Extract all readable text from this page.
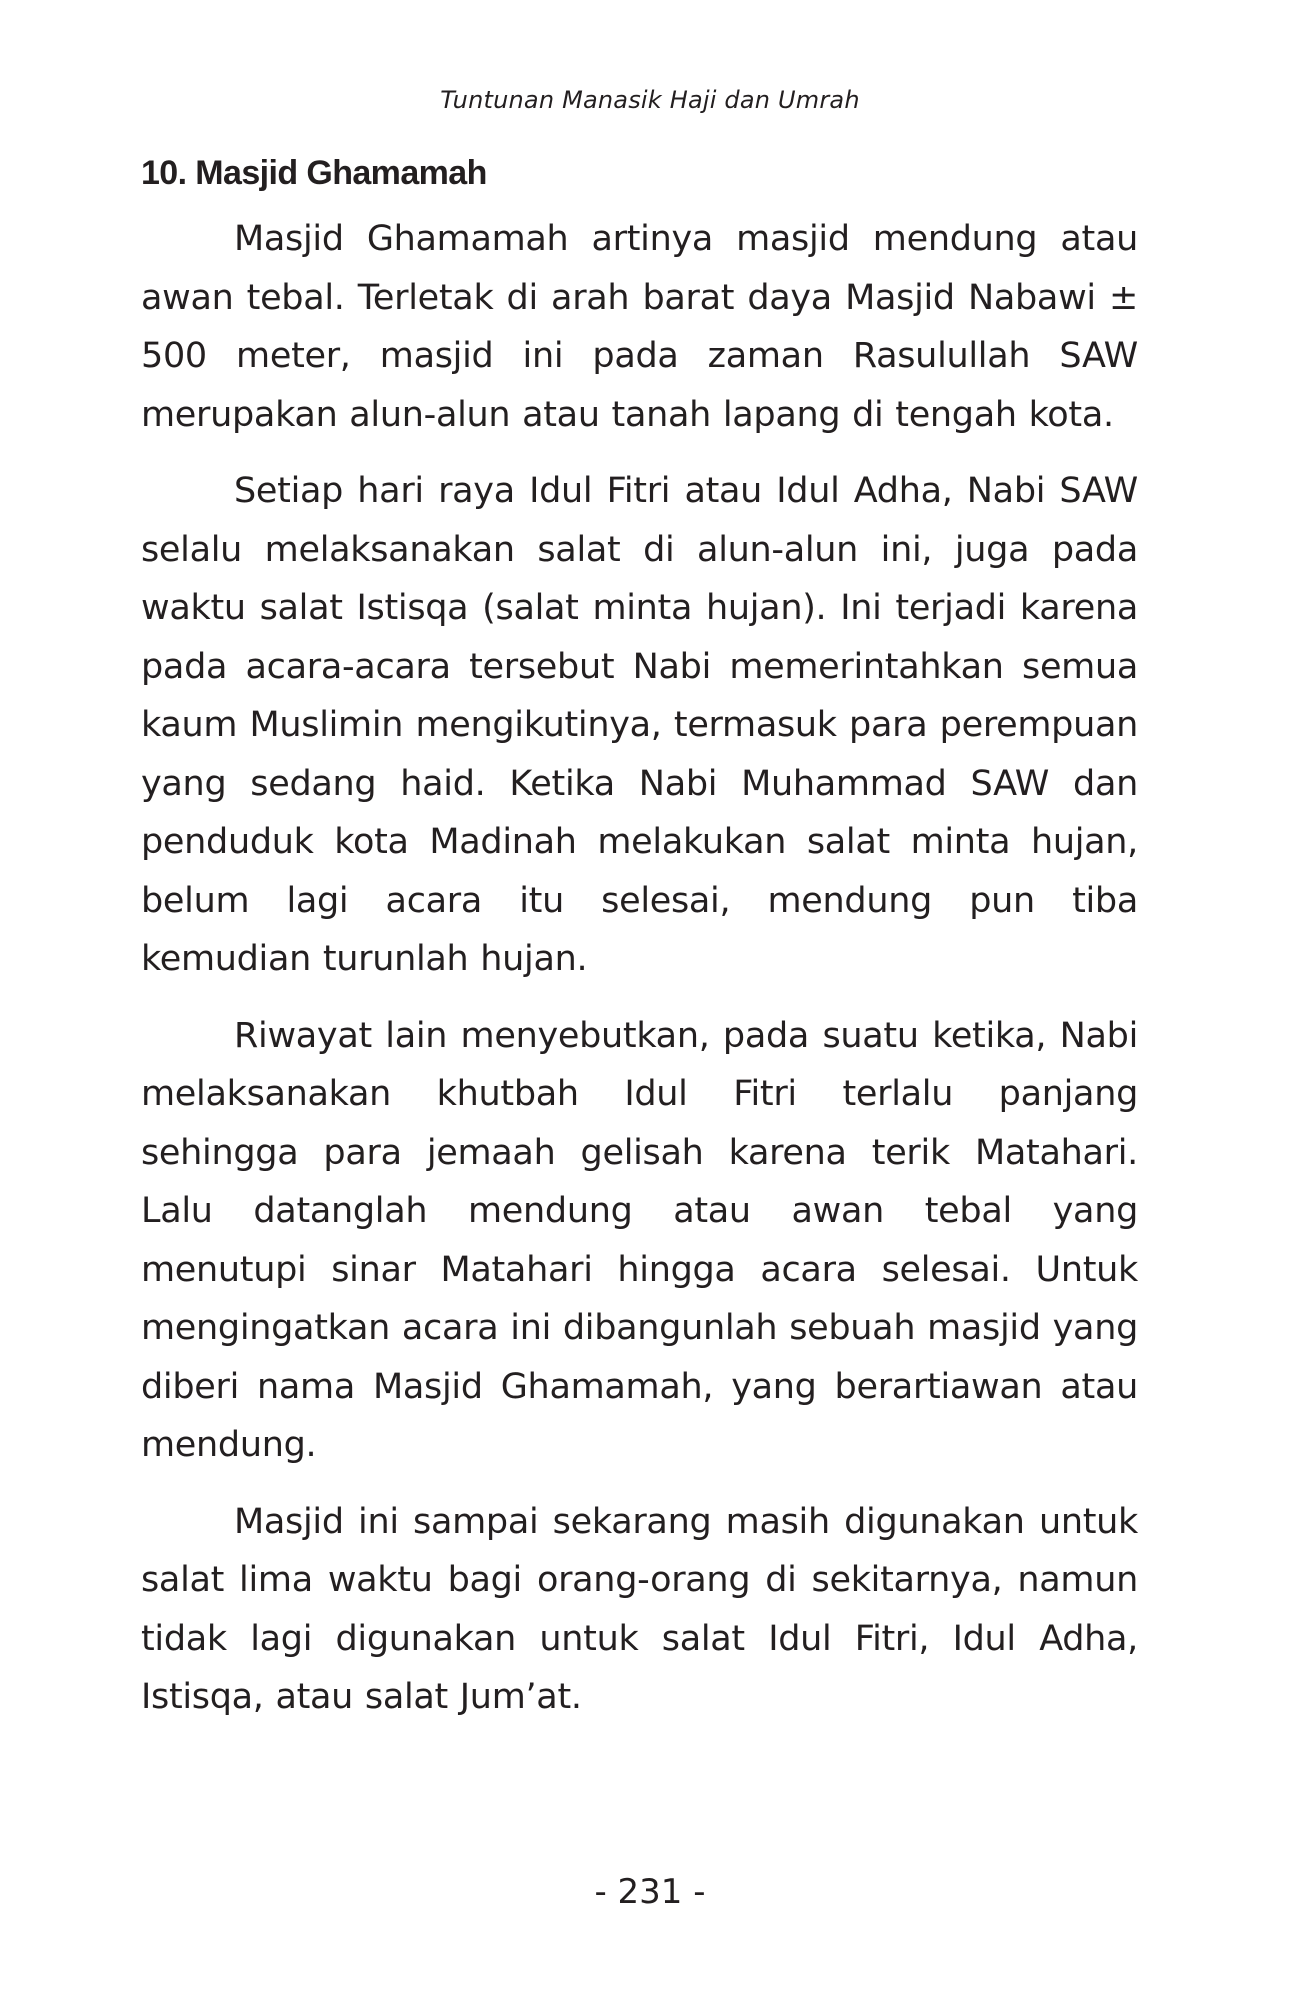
Tuntunan Manasik Haji dan Umrah
10. Masjid Ghamamah

Masjid Ghamamah artinya masjid mendung atau awan tebal. Terletak di arah barat daya Masjid Nabawi ± 500 meter, masjid ini pada zaman Rasulullah SAW merupakan alun-alun atau tanah lapang di tengah kota.

Setiap hari raya Idul Fitri atau Idul Adha, Nabi SAW selalu melaksanakan salat di alun-alun ini, juga pada waktu salat Istisqa (salat minta hujan). Ini terjadi karena pada acara-acara tersebut Nabi memerintahkan semua kaum Muslimin mengikutinya, termasuk para perempuan yang sedang haid. Ketika Nabi Muhammad SAW dan penduduk kota Madinah melakukan salat minta hujan, belum lagi acara itu selesai, mendung pun tiba kemudian turunlah hujan.

Riwayat lain menyebutkan, pada suatu ketika, Nabi melaksanakan khutbah Idul Fitri terlalu panjang sehingga para jemaah gelisah karena terik Matahari. Lalu datanglah mendung atau awan tebal yang menutupi sinar Matahari hingga acara selesai. Untuk mengingatkan acara ini dibangunlah sebuah masjid yang diberi nama Masjid Ghamamah, yang berartiawan atau mendung.

Masjid ini sampai sekarang masih digunakan untuk salat lima waktu bagi orang-orang di sekitarnya, namun tidak lagi digunakan untuk salat Idul Fitri, Idul Adha, Istisqa, atau salat Jum’at.

- 231 -
